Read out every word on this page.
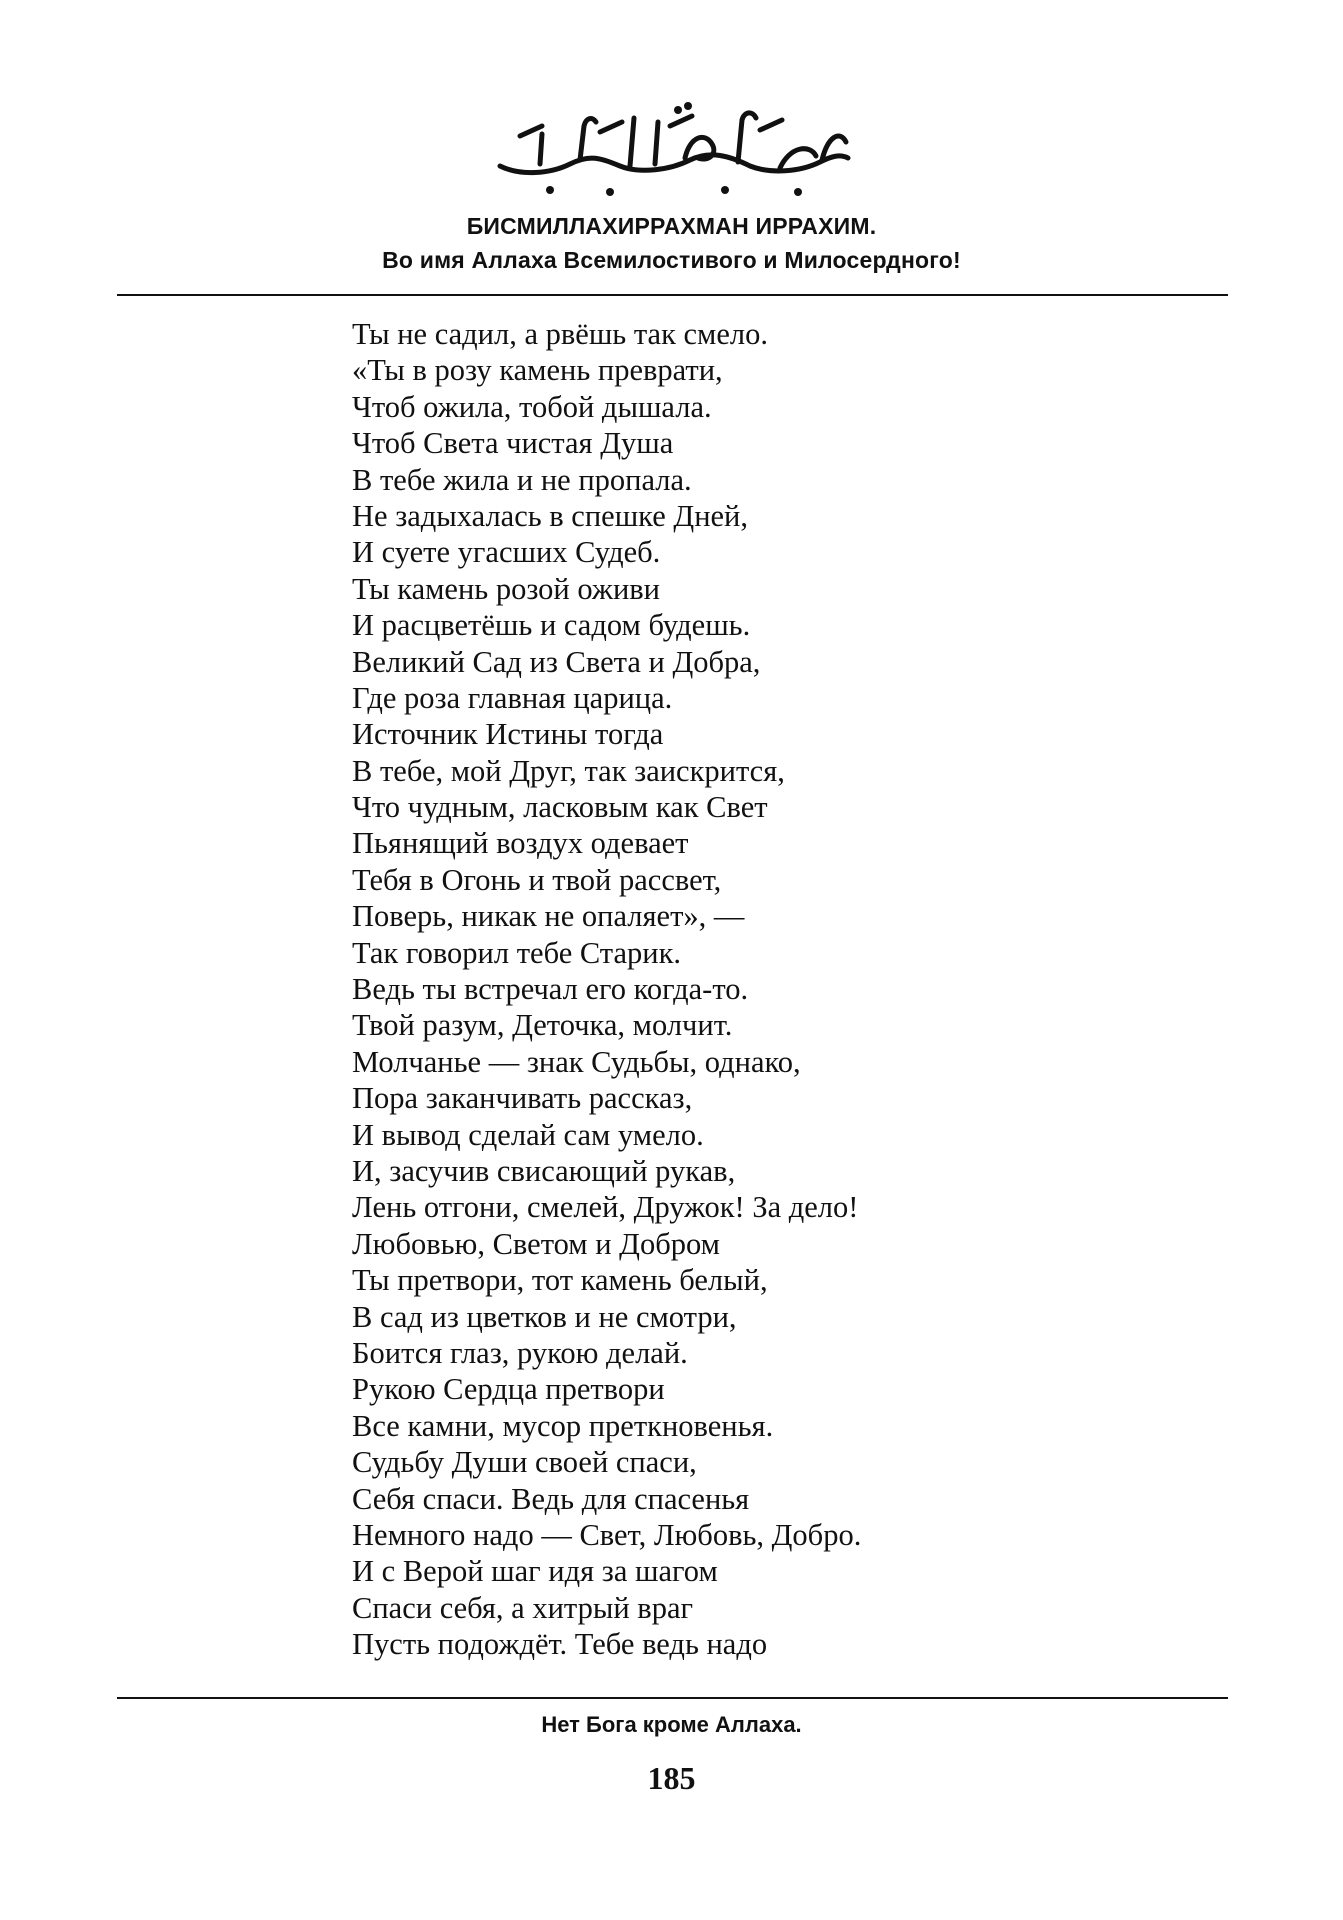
БИСМИЛЛАХИРРАХМАН ИРРАХИМ.
Во имя Аллаха Всемилостивого и Милосердного!
Ты не садил, а рвёшь так смело.
«Ты в розу камень преврати,
Чтоб ожила, тобой дышала.
Чтоб Света чистая Душа
В тебе жила и не пропала.
Не задыхалась в спешке Дней,
И суете угасших Судеб.
Ты камень розой оживи
И расцветёшь и садом будешь.
Великий Сад из Света и Добра,
Где роза главная царица.
Источник Истины тогда
В тебе, мой Друг, так заискрится,
Что чудным, ласковым как Свет
Пьянящий воздух одевает
Тебя в Огонь и твой рассвет,
Поверь, никак не опаляет», —
Так говорил тебе Старик.
Ведь ты встречал его когда-то.
Твой разум, Деточка, молчит.
Молчанье — знак Судьбы, однако,
Пора заканчивать рассказ,
И вывод сделай сам умело.
И, засучив свисающий рукав,
Лень отгони, смелей, Дружок! За дело!
Любовью, Светом и Добром
Ты претвори, тот камень белый,
В сад из цветков и не смотри,
Боится глаз, рукою делай.
Рукою Сердца претвори
Все камни, мусор преткновенья.
Судьбу Души своей спаси,
Себя спаси. Ведь для спасенья
Немного надо — Свет, Любовь, Добро.
И с Верой шаг идя за шагом
Спаси себя, а хитрый враг
Пусть подождёт. Тебе ведь надо
Нет Бога кроме Аллаха.
185
